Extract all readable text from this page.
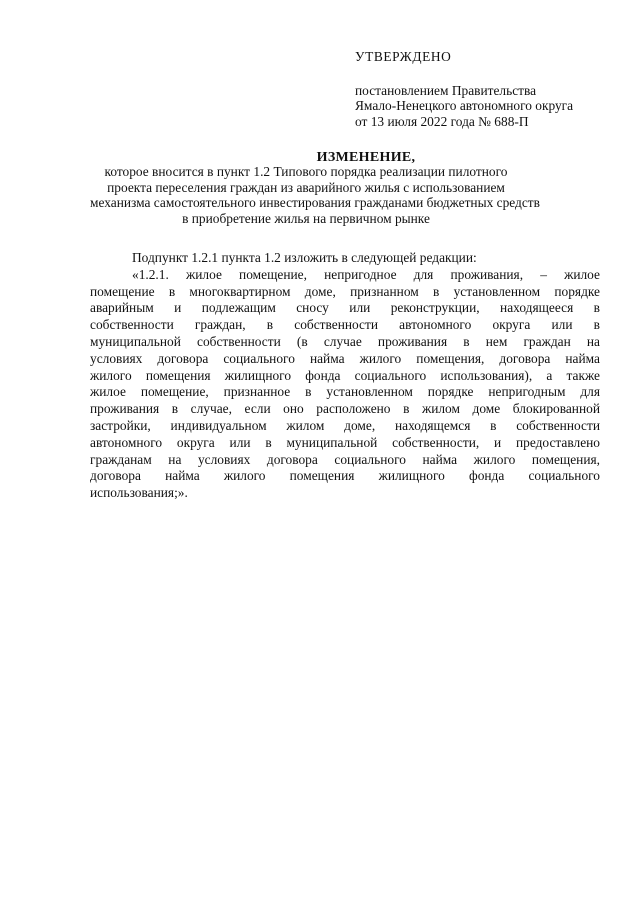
УТВЕРЖДЕНО
постановлением Правительства
Ямало-Ненецкого автономного округа
от 13 июля 2022 года № 688-П
ИЗМЕНЕНИЕ,
которое вносится в пункт 1.2 Типового порядка реализации пилотного
проекта переселения граждан из аварийного жилья с использованием
механизма самостоятельного инвестирования гражданами бюджетных средств
в приобретение жилья на первичном рынке
Подпункт 1.2.1 пункта 1.2 изложить в следующей редакции:
«1.2.1. жилое помещение, непригодное для проживания, – жилое
помещение в многоквартирном доме, признанном в установленном порядке
аварийным и подлежащим сносу или реконструкции, находящееся в
собственности граждан, в собственности автономного округа или в
муниципальной собственности (в случае проживания в нем граждан на
условиях договора социального найма жилого помещения, договора найма
жилого помещения жилищного фонда социального использования), а также
жилое помещение, признанное в установленном порядке непригодным для
проживания в случае, если оно расположено в жилом доме блокированной
застройки, индивидуальном жилом доме, находящемся в собственности
автономного округа или в муниципальной собственности, и предоставлено
гражданам на условиях договора социального найма жилого помещения,
договора найма жилого помещения жилищного фонда социального
использования;».
